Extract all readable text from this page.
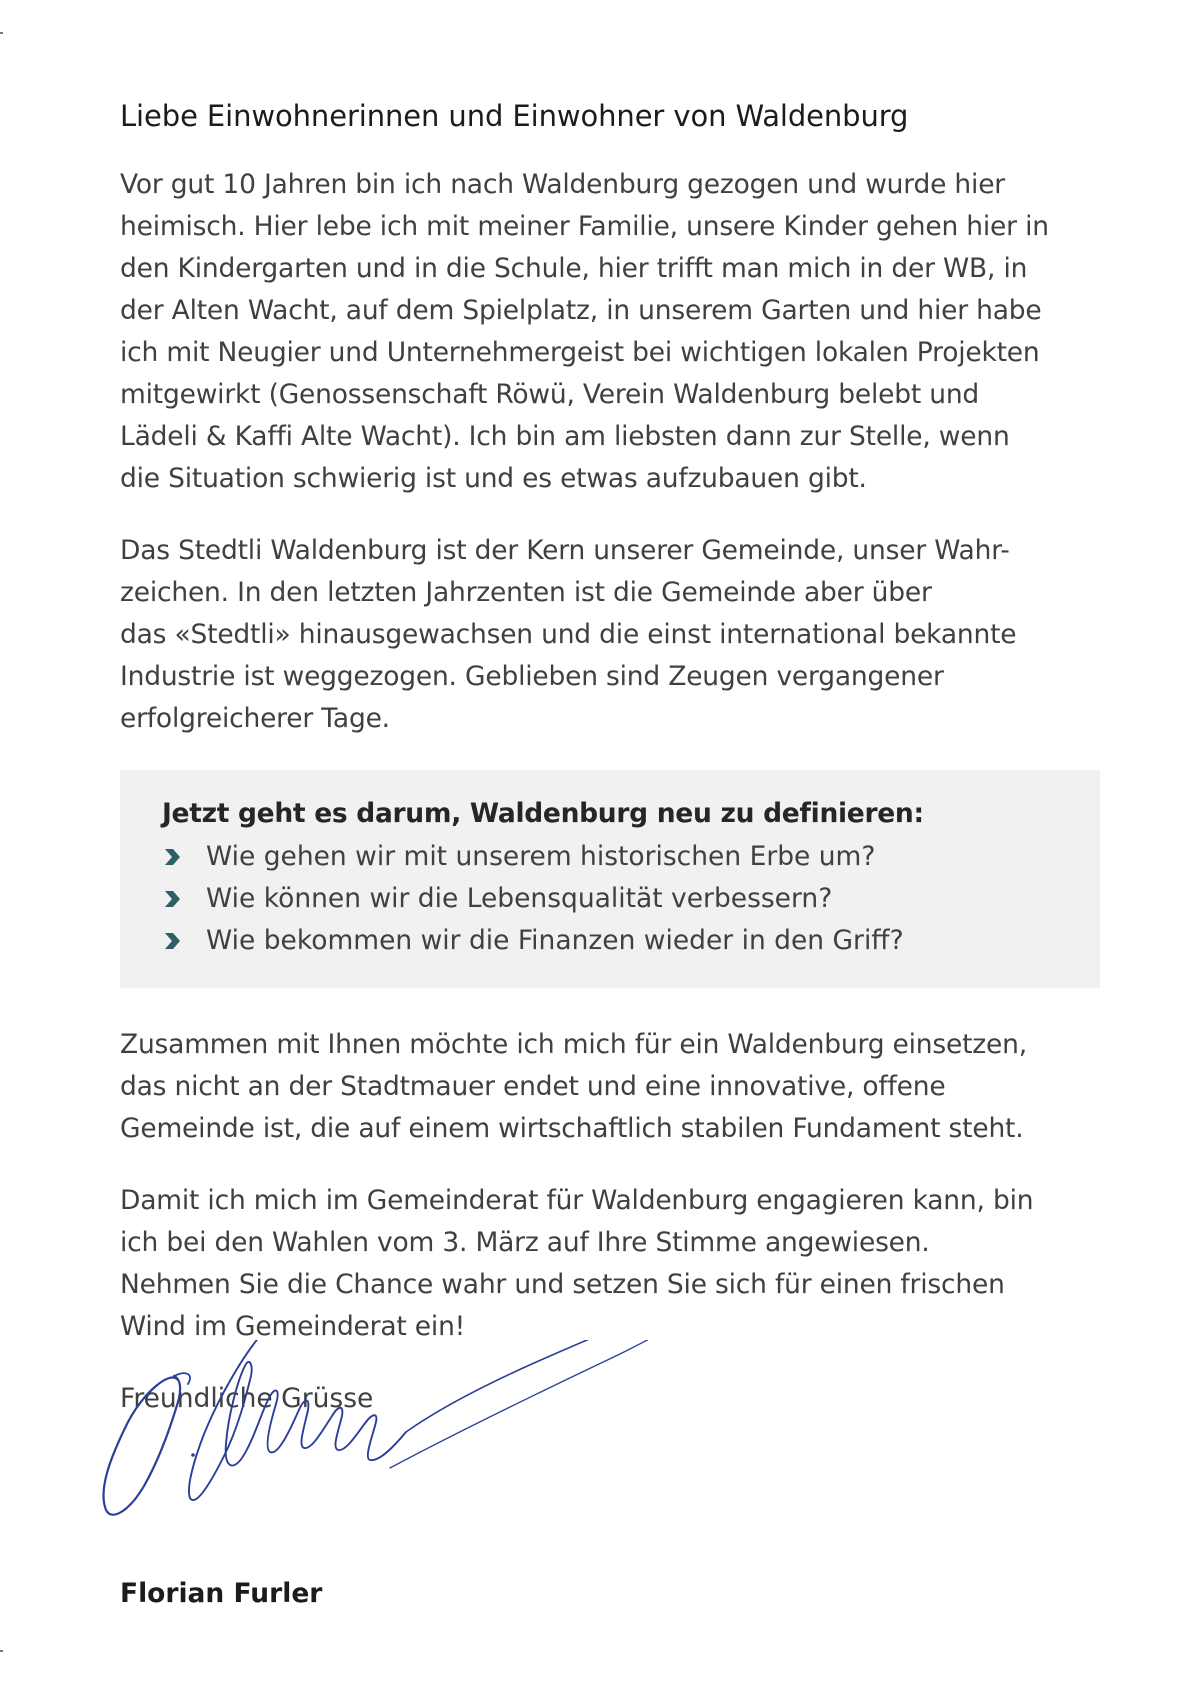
Liebe Einwohnerinnen und Einwohner von Waldenburg

Vor gut 10 Jahren bin ich nach Waldenburg gezogen und wurde hier
heimisch. Hier lebe ich mit meiner Familie, unsere Kinder gehen hier in
den Kindergarten und in die Schule, hier trifft man mich in der WB, in
der Alten Wacht, auf dem Spielplatz, in unserem Garten und hier habe
ich mit Neugier und Unternehmergeist bei wichtigen lokalen Projekten
mitgewirkt (Genossenschaft Röwü, Verein Waldenburg belebt und
Lädeli & Kaffi Alte Wacht). Ich bin am liebsten dann zur Stelle, wenn
die Situation schwierig ist und es etwas aufzubauen gibt.

Das Stedtli Waldenburg ist der Kern unserer Gemeinde, unser Wahr-
zeichen. In den letzten Jahrzenten ist die Gemeinde aber über
das «Stedtli» hinausgewachsen und die einst international bekannte
Industrie ist weggezogen. Geblieben sind Zeugen vergangener
erfolgreicherer Tage.

Jetzt geht es darum, Waldenburg neu zu definieren:
Wie gehen wir mit unserem historischen Erbe um?
Wie können wir die Lebensqualität verbessern?
Wie bekommen wir die Finanzen wieder in den Griff?

Zusammen mit Ihnen möchte ich mich für ein Waldenburg einsetzen,
das nicht an der Stadtmauer endet und eine innovative, offene
Gemeinde ist, die auf einem wirtschaftlich stabilen Fundament steht.

Damit ich mich im Gemeinderat für Waldenburg engagieren kann, bin
ich bei den Wahlen vom 3. März auf Ihre Stimme angewiesen.
Nehmen Sie die Chance wahr und setzen Sie sich für einen frischen
Wind im Gemeinderat ein!

Freundliche Grüsse

Florian Furler
